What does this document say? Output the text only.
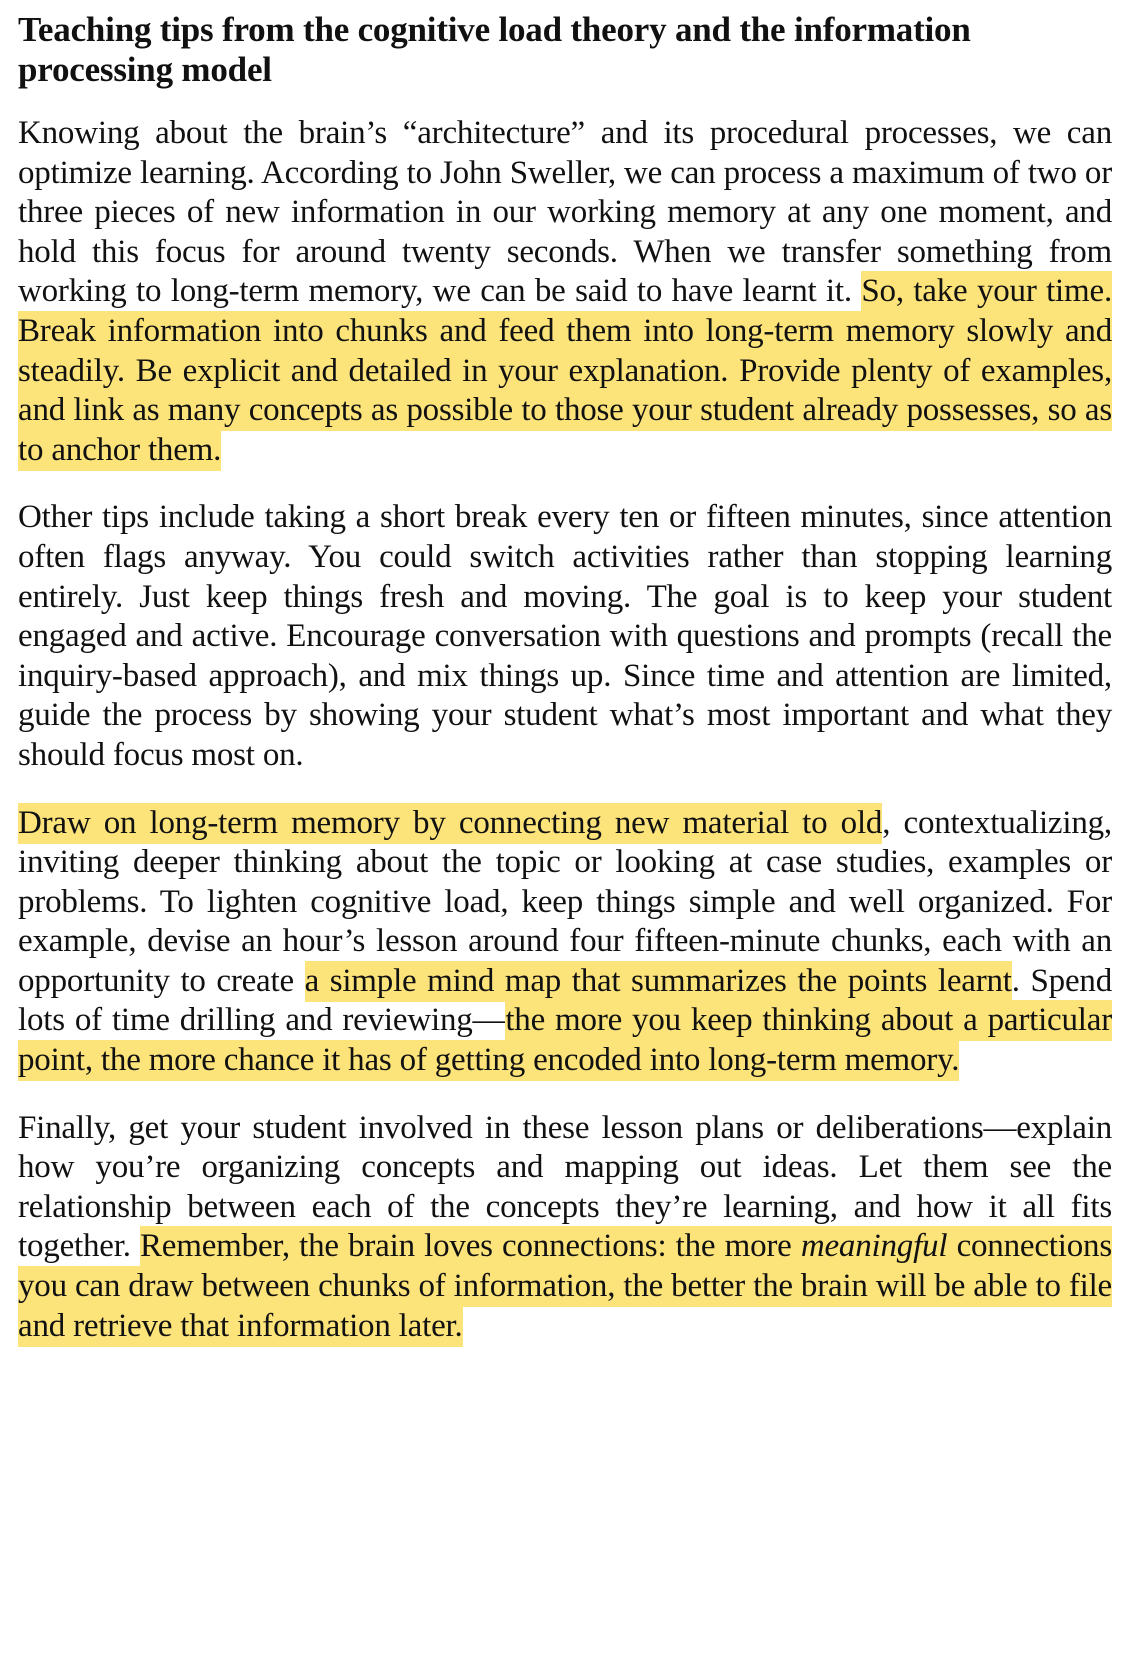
Teaching tips from the cognitive load theory and the information processing model

Knowing about the brain’s “architecture” and its procedural processes, we can optimize learning. According to John Sweller, we can process a maximum of two or three pieces of new information in our working memory at any one moment, and hold this focus for around twenty seconds. When we transfer something from working to long-term memory, we can be said to have learnt it. So, take your time. Break information into chunks and feed them into long-term memory slowly and steadily. Be explicit and detailed in your explanation. Provide plenty of examples, and link as many concepts as possible to those your student already possesses, so as to anchor them.

Other tips include taking a short break every ten or fifteen minutes, since attention often flags anyway. You could switch activities rather than stopping learning entirely. Just keep things fresh and moving. The goal is to keep your student engaged and active. Encourage conversation with questions and prompts (recall the inquiry-based approach), and mix things up. Since time and attention are limited, guide the process by showing your student what’s most important and what they should focus most on.

Draw on long-term memory by connecting new material to old, contextualizing, inviting deeper thinking about the topic or looking at case studies, examples or problems. To lighten cognitive load, keep things simple and well organized. For example, devise an hour’s lesson around four fifteen-minute chunks, each with an opportunity to create a simple mind map that summarizes the points learnt. Spend lots of time drilling and reviewing—the more you keep thinking about a particular point, the more chance it has of getting encoded into long-term memory.

Finally, get your student involved in these lesson plans or deliberations—explain how you’re organizing concepts and mapping out ideas. Let them see the relationship between each of the concepts they’re learning, and how it all fits together. Remember, the brain loves connections: the more meaningful connections you can draw between chunks of information, the better the brain will be able to file and retrieve that information later.
